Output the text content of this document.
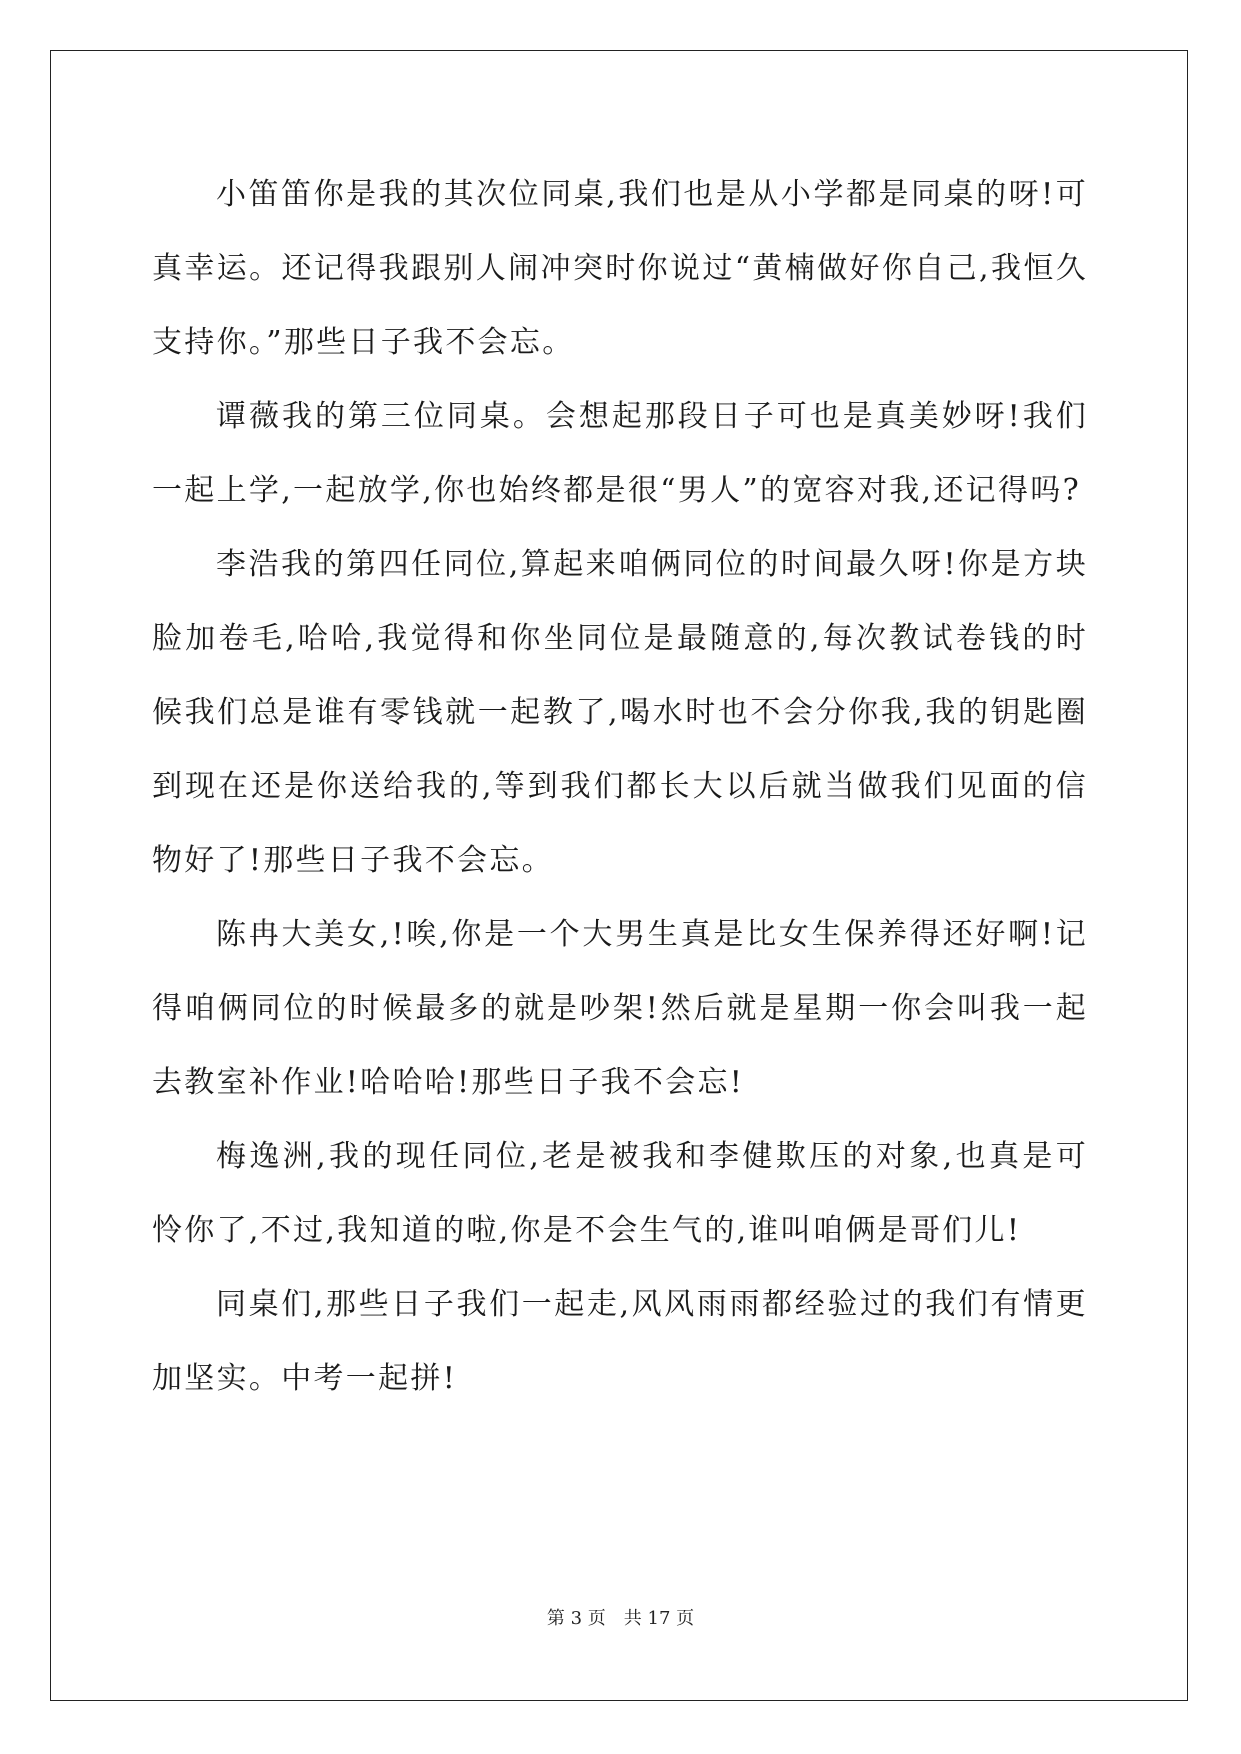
小笛笛你是我的其次位同桌,我们也是从小学都是同桌的呀!可真幸运。还记得我跟别人闹冲突时你说过“黄楠做好你自己,我恒久支持你。”那些日子我不会忘。

谭薇我的第三位同桌。会想起那段日子可也是真美妙呀!我们一起上学,一起放学,你也始终都是很“男人”的宽容对我,还记得吗?

李浩我的第四任同位,算起来咱俩同位的时间最久呀!你是方块脸加卷毛,哈哈,我觉得和你坐同位是最随意的,每次教试卷钱的时候我们总是谁有零钱就一起教了,喝水时也不会分你我,我的钥匙圈到现在还是你送给我的,等到我们都长大以后就当做我们见面的信物好了!那些日子我不会忘。

陈冉大美女,!唉,你是一个大男生真是比女生保养得还好啊!记得咱俩同位的时候最多的就是吵架!然后就是星期一你会叫我一起去教室补作业!哈哈哈!那些日子我不会忘!

梅逸洲,我的现任同位,老是被我和李健欺压的对象,也真是可怜你了,不过,我知道的啦,你是不会生气的,谁叫咱俩是哥们儿!

同桌们,那些日子我们一起走,风风雨雨都经验过的我们有情更加坚实。中考一起拼!

第 3 页　共 17 页
